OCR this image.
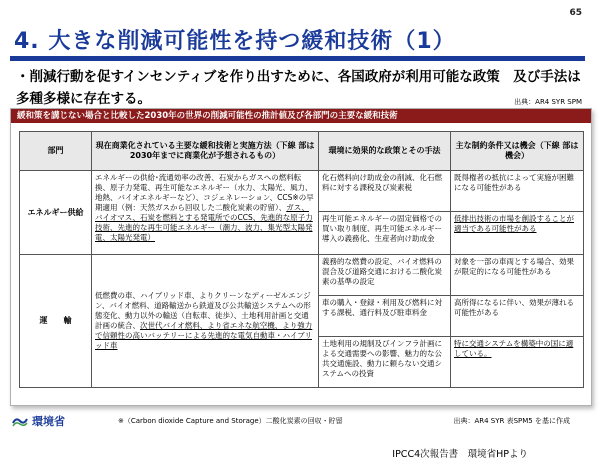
65
4. 大きな削減可能性を持つ緩和技術（1）
・削減行動を促すインセンティブを作り出すために、各国政府が利用可能な政策　及び手法は多種多様に存在する。	出典：AR4 SYR SPM
緩和策を講じない場合と比較した2030年の世界の削減可能性の推計値及び各部門の主要な緩和技術
部門	現在商業化されている主要な緩和技術と実施方法（下線 部は2030年までに商業化が予想されるもの）	環境に効果的な政策とその手法	主な制約条件又は機会（下線 部は機会）
エネルギー供給	エネルギーの供給･流通効率の改善、石炭からガスへの燃料転換、原子力発電、再生可能なエネルギー（水力、太陽光、風力、地熱、バイオエネルギーなど）、コジェネレーション、CCS※の早期適用（例：天然ガスから回収した二酸化炭素の貯留）、ガス、バイオマス、石炭を燃料とする発電所でのCCS、先進的な原子力技術、先進的な再生可能エネルギー（潮力、波力、集光型太陽発電、太陽光発電）	化石燃料向け助成金の削減、化石燃料に対する課税及び炭素税	既得権者の抵抗によって実施が困難になる可能性がある
		再生可能エネルギーの固定価格での買い取り制度、再生可能エネルギー導入の義務化、生産者向け助成金	低排出技術の市場を創設することが適当である可能性がある
運　　輸	低燃費の車、ハイブリッド車、よりクリーンなディーゼルエンジン、バイオ燃料、道路輸送から鉄道及び公共輸送システムへの形態変化、動力以外の輸送（自転車、徒歩）、土地利用計画と交通計画の統合、次世代バイオ燃料、より省エネな航空機、より強力で信頼性の高いバッテリーによる先進的な電気自動車・ハイブリッド車	義務的な燃費の設定、バイオ燃料の混合及び道路交通における二酸化炭素の基準の設定	対象を一部の車両とする場合、効果が限定的になる可能性がある
		車の購入・登録・利用及び燃料に対する課税、通行料及び駐車料金	高所得になるに伴い、効果が薄れる可能性がある
		土地利用の規制及びインフラ計画による交通需要への影響、魅力的な公共交通施設、動力に頼らない交通システムへの投資	特に交通システムを構築中の国に適している。
環境省	※（Carbon dioxide Capture and Storage）二酸化炭素の回収・貯留	出典：AR4 SYR 表SPM5 を基に作成
IPCC4次報告書　環境省HPより
